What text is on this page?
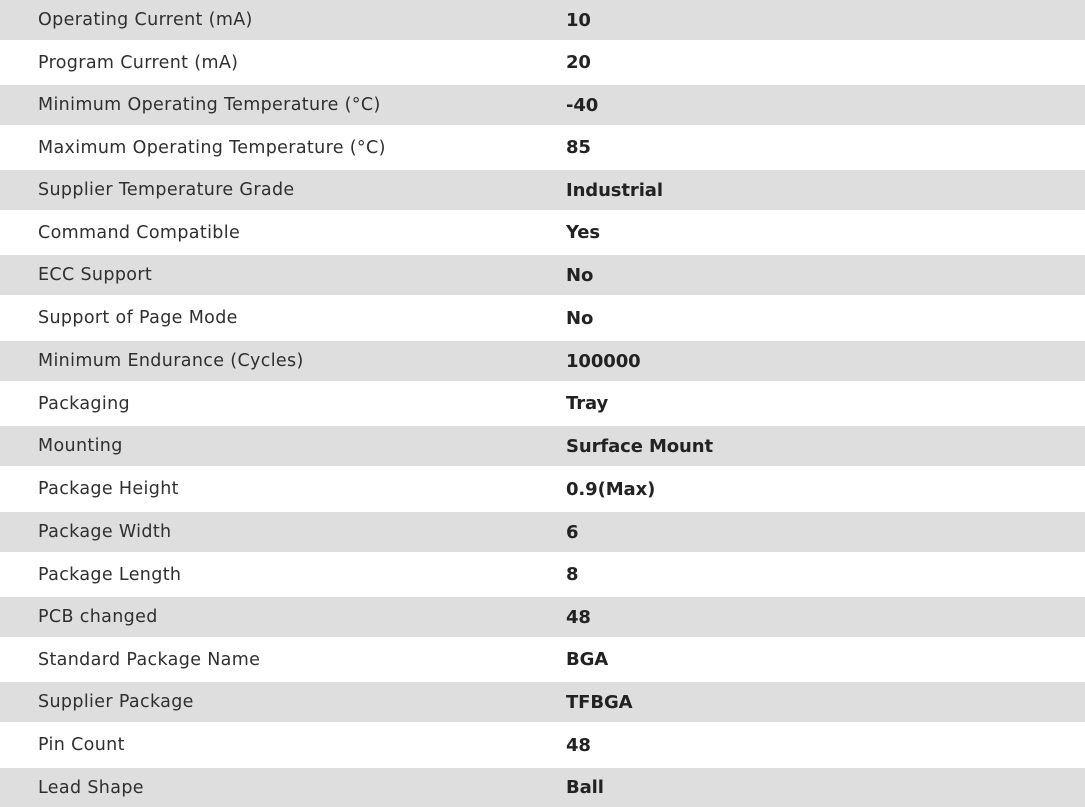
Operating Current (mA)	10
Program Current (mA)	20
Minimum Operating Temperature (°C)	-40
Maximum Operating Temperature (°C)	85
Supplier Temperature Grade	Industrial
Command Compatible	Yes
ECC Support	No
Support of Page Mode	No
Minimum Endurance (Cycles)	100000
Packaging	Tray
Mounting	Surface Mount
Package Height	0.9(Max)
Package Width	6
Package Length	8
PCB changed	48
Standard Package Name	BGA
Supplier Package	TFBGA
Pin Count	48
Lead Shape	Ball
